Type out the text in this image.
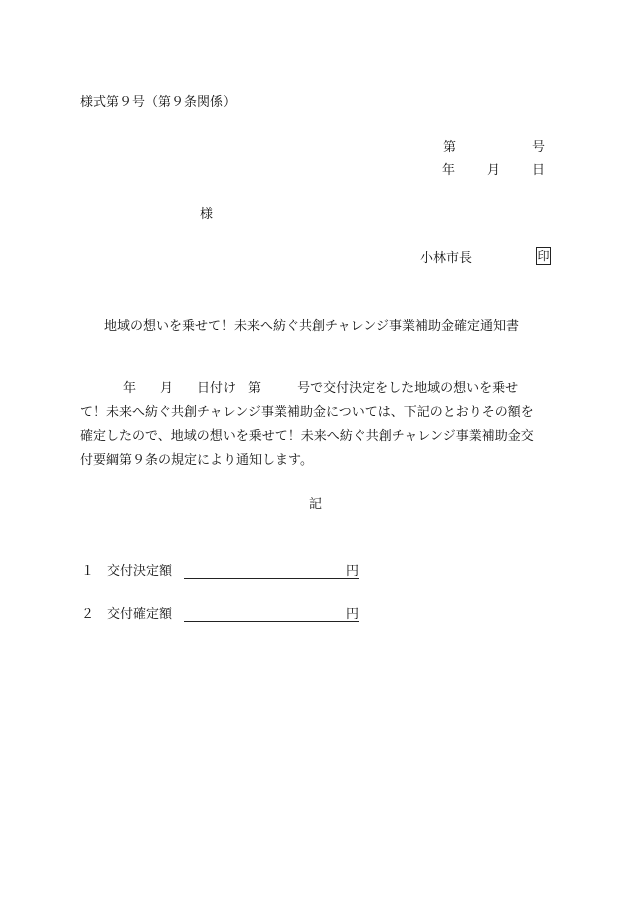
様式第９号（第９条関係）
第	号
年 月 日
様
小林市長	印
地域の想いを乗せて！未来へ紡ぐ共創チャレンジ事業補助金確定通知書
年 月 日付け 第	号で交付決定をした地域の想いを乗せ
て！未来へ紡ぐ共創チャレンジ事業補助金については、下記のとおりその額を
確定したので、地域の想いを乗せて！未来へ紡ぐ共創チャレンジ事業補助金交
付要綱第９条の規定により通知します。
記
１ 交付決定額	円
２ 交付確定額	円
